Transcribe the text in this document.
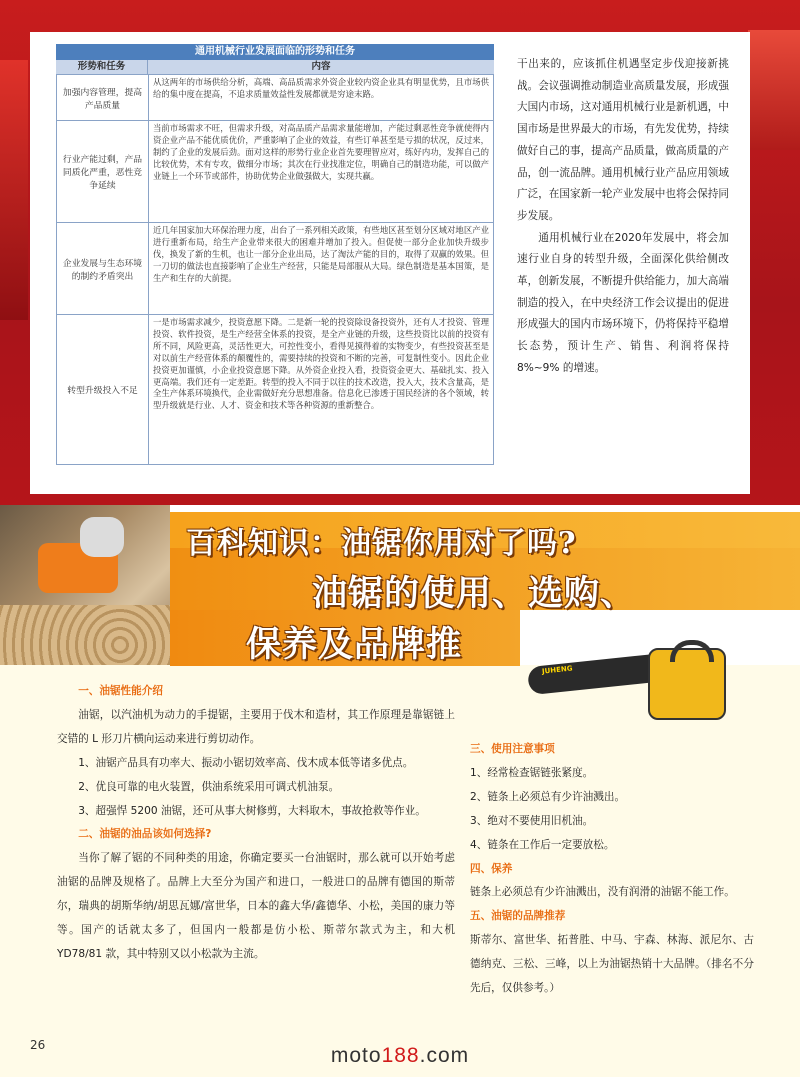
通用机械行业发展面临的形势和任务
形势和任务	内容
加强内容管理，提高产品质量
从这两年的市场供给分析，高端、高品质需求外资企业较内资企业具有明显优势，且市场供给的集中度在提高，不追求质量效益性发展都就是穷途末路。
行业产能过剩，产品同质化严重，恶性竞争延续
当前市场需求不旺，但需求升级，对高品质产品需求量能增加，产能过剩恶性竞争就使得内资企业产品不能优质优价，严重影响了企业的效益，有些订单甚至是亏损的状况，反过来，制约了企业的发展后劲。面对这样的形势行业企业首先要理智应对，练好内功，发挥自己的比较优势，术有专攻，做细分市场；其次在行业找准定位，明确自己的制造功能，可以做产业链上一个环节或部件，协助优势企业做强做大，实现共赢。
企业发展与生态环境的制约矛盾突出
近几年国家加大环保治理力度，出台了一系列相关政策，有些地区甚至划分区域对地区产业进行重新布局，给生产企业带来很大的困难并增加了投入。但促使一部分企业加快升级步伐，换发了新的生机，也让一部分企业出局，达了淘汰产能的目的，取得了双赢的效果。但一刀切的做法也直接影响了企业生产经营，只能是局部服从大局。绿色制造是基本国策，是生产和生存的大前提。
转型升级投入不足
一是市场需求减少，投资意愿下降。二是新一轮的投资除设备投资外，还有人才投资、管理投资、软件投资，是生产经营全体系的投资，是全产业链的升级，这些投资比以前的投资有所不同，风险更高，灵活性更大，可控性变小，看得见摸得着的实物变少，有些投资甚至是对以前生产经营体系的颠覆性的，需要持续的投资和不断的完善，可复制性变小。因此企业投资更加谨慎，小企业投资意愿下降。从外资企业投入看，投资资金更大、基础扎实、投入更高端。我们还有一定差距。转型的投入不同于以往的技术改造，投入大，技术含量高，是全生产体系环境换代，企业需做好充分思想准备。信息化已渗透于国民经济的各个领域，转型升级就是行业、人才、资金和技术等各种资源的重新整合。

干出来的，应该抓住机遇坚定步伐迎接新挑战。会议强调推动制造业高质量发展，形成强大国内市场，这对通用机械行业是新机遇，中国市场是世界最大的市场，有先发优势，持续做好自己的事，提高产品质量，做高质量的产品，创一流品牌。通用机械行业产品应用领域广泛，在国家新一轮产业发展中也将会保持同步发展。

通用机械行业在2020年发展中，将会加速行业自身的转型升级，全面深化供给侧改革，创新发展，不断提升供给能力，加大高端制造的投入，在中央经济工作会议提出的促进形成强大的国内市场环境下，仍将保持平稳增长态势，预计生产、销售、利润将保持8%~9% 的增速。

百科知识：油锯你用对了吗?
油锯的使用、选购、
保养及品牌推
JUHENG
一、油锯性能介绍
油锯，以汽油机为动力的手提锯，主要用于伐木和造材，其工作原理是靠锯链上交错的 L 形刀片横向运动来进行剪切动作。
1、油锯产品具有功率大、振动小锯切效率高、伐木成本低等诸多优点。
2、优良可靠的电火装置，供油系统采用可调式机油泵。
3、超强悍 5200 油锯，还可从事大树修剪，大料取木，事故抢救等作业。
二、油锯的油品该如何选择?
当你了解了锯的不同种类的用途，你确定要买一台油锯时，那么就可以开始考虑油锯的品牌及规格了。品牌上大至分为国产和进口，一般进口的品牌有德国的斯蒂尔，瑞典的胡斯华纳/胡思瓦娜/富世华，日本的鑫大华/鑫德华、小松，美国的康力等等。国产的话就太多了，但国内一般都是仿小松、斯蒂尔款式为主，和大机 YD78/81 款，其中特别又以小松款为主流。
三、使用注意事项
1、经常检查锯链张紧度。
2、链条上必须总有少许油溅出。
3、绝对不要使用旧机油。
4、链条在工作后一定要放松。
四、保养
链条上必须总有少许油溅出，没有润滑的油锯不能工作。
五、油锯的品牌推荐
斯蒂尔、富世华、拓普胜、中马、宇森、林海、派尼尔、古德纳克、三松、三峰，以上为油锯热销十大品牌。（排名不分先后，仅供参考。）
26	moto188.com
